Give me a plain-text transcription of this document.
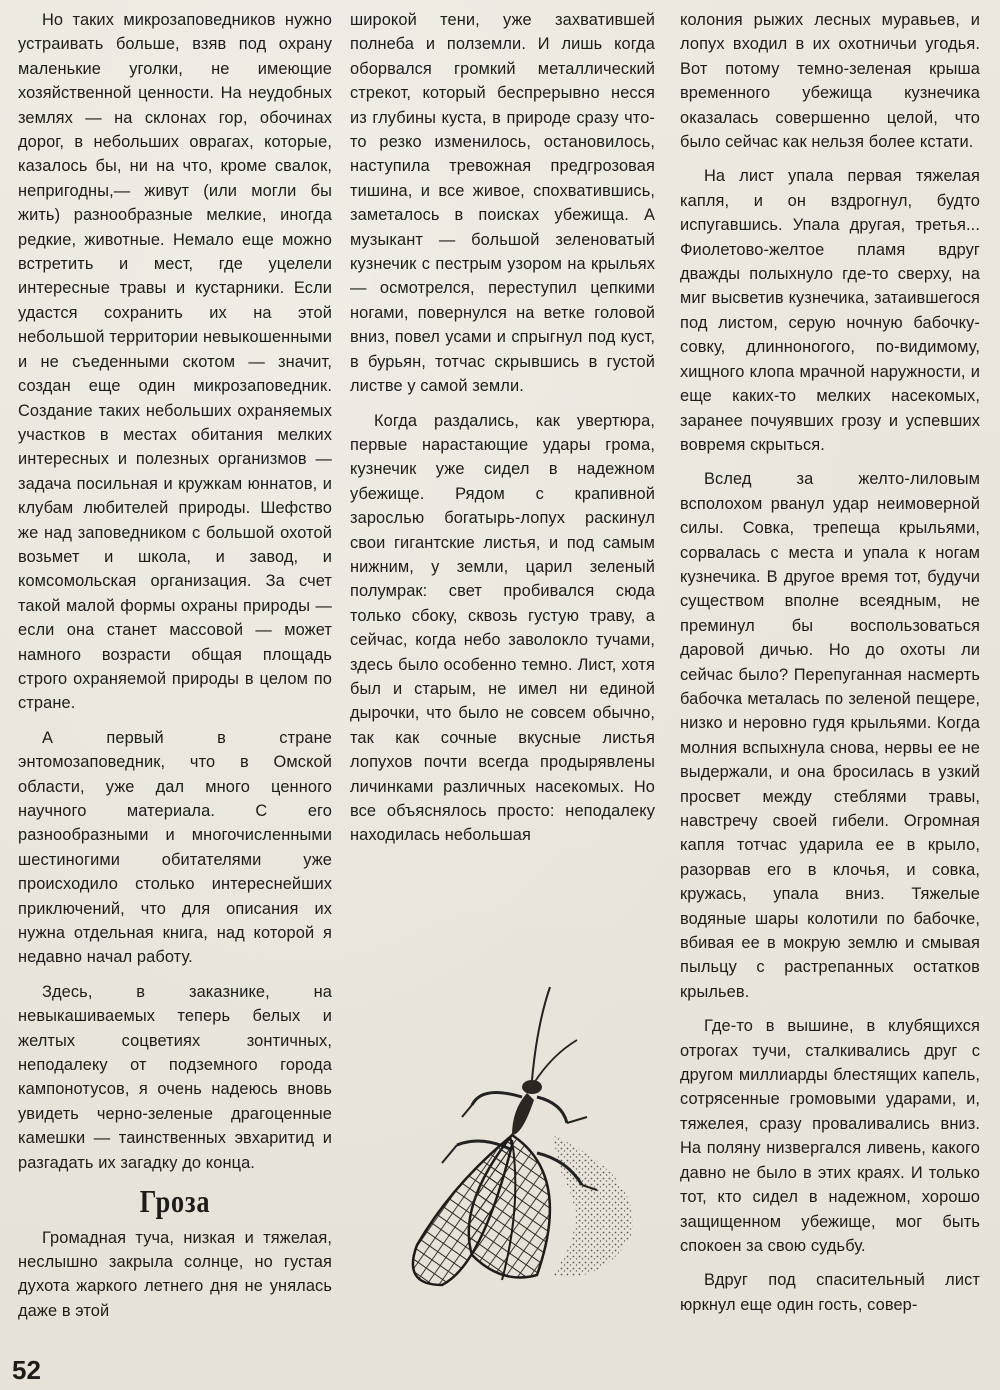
Но таких микрозаповедников нужно устраивать больше, взяв под охрану маленькие уголки, не имеющие хозяйственной ценности. На неудобных землях — на склонах гор, обочинах дорог, в небольших оврагах, которые, казалось бы, ни на что, кроме свалок, непригодны,— живут (или могли бы жить) разнообразные мелкие, иногда редкие, животные. Немало еще можно встретить и мест, где уцелели интересные травы и кустарники. Если удастся сохранить их на этой небольшой территории невыкошенными и не съеденными скотом — значит, создан еще один микрозаповедник. Создание таких небольших охраняемых участков в местах обитания мелких интересных и полезных организмов — задача посильная и кружкам юннатов, и клубам любителей природы. Шефство же над заповедником с большой охотой возьмет и школа, и завод, и комсомольская организация. За счет такой малой формы охраны природы — если она станет массовой — может намного возрасти общая площадь строго охраняемой природы в целом по стране.

А первый в стране энтомозаповедник, что в Омской области, уже дал много ценного научного материала. С его разнообразными и многочисленными шестиногими обитателями уже происходило столько интереснейших приключений, что для описания их нужна отдельная книга, над которой я недавно начал работу.

Здесь, в заказнике, на невыкашиваемых теперь белых и желтых соцветиях зонтичных, неподалеку от подземного города кампонотусов, я очень надеюсь вновь увидеть черно-зеленые драгоценные камешки — таинственных эвхаритид и разгадать их загадку до конца.

Гроза

Громадная туча, низкая и тяжелая, неслышно закрыла солнце, но густая духота жаркого летнего дня не унялась даже в этой

широкой тени, уже захватившей полнеба и полземли. И лишь когда оборвался громкий металлический стрекот, который беспрерывно несся из глубины куста, в природе сразу что-то резко изменилось, остановилось, наступила тревожная предгрозовая тишина, и все живое, спохватившись, заметалось в поисках убежища. А музыкант — большой зеленоватый кузнечик с пестрым узором на крыльях — осмотрелся, переступил цепкими ногами, повернулся на ветке головой вниз, повел усами и спрыгнул под куст, в бурьян, тотчас скрывшись в густой листве у самой земли.

Когда раздались, как увертюра, первые нарастающие удары грома, кузнечик уже сидел в надежном убежище. Рядом с крапивной зарослью богатырь-лопух раскинул свои гигантские листья, и под самым нижним, у земли, царил зеленый полумрак: свет пробивался сюда только сбоку, сквозь густую траву, а сейчас, когда небо заволокло тучами, здесь было особенно темно. Лист, хотя был и старым, не имел ни единой дырочки, что было не совсем обычно, так как сочные вкусные листья лопухов почти всегда продырявлены личинками различных насекомых. Но все объяснялось просто: неподалеку находилась небольшая

колония рыжих лесных муравьев, и лопух входил в их охотничьи угодья. Вот потому темно-зеленая крыша временного убежища кузнечика оказалась совершенно целой, что было сейчас как нельзя более кстати.

На лист упала первая тяжелая капля, и он вздрогнул, будто испугавшись. Упала другая, третья... Фиолетово-желтое пламя вдруг дважды полыхнуло где-то сверху, на миг высветив кузнечика, затаившегося под листом, серую ночную бабочку-совку, длинноногого, по-видимому, хищного клопа мрачной наружности, и еще каких-то мелких насекомых, заранее почуявших грозу и успевших вовремя скрыться.

Вслед за желто-лиловым всполохом рванул удар неимоверной силы. Совка, трепеща крыльями, сорвалась с места и упала к ногам кузнечика. В другое время тот, будучи существом вполне всеядным, не преминул бы воспользоваться даровой дичью. Но до охоты ли сейчас было? Перепуганная насмерть бабочка металась по зеленой пещере, низко и неровно гудя крыльями. Когда молния вспыхнула снова, нервы ее не выдержали, и она бросилась в узкий просвет между стеблями травы, навстречу своей гибели. Огромная капля тотчас ударила ее в крыло, разорвав его в клочья, и совка, кружась, упала вниз. Тяжелые водяные шары колотили по бабочке, вбивая ее в мокрую землю и смывая пыльцу с растрепанных остатков крыльев.

Где-то в вышине, в клубящихся отрогах тучи, сталкивались друг с другом миллиарды блестящих капель, сотрясенные громовыми ударами, и, тяжелея, сразу проваливались вниз. На поляну низвергался ливень, какого давно не было в этих краях. И только тот, кто сидел в надежном, хорошо защищенном убежище, мог быть спокоен за свою судьбу.

Вдруг под спасительный лист юркнул еще один гость, совер-

52
